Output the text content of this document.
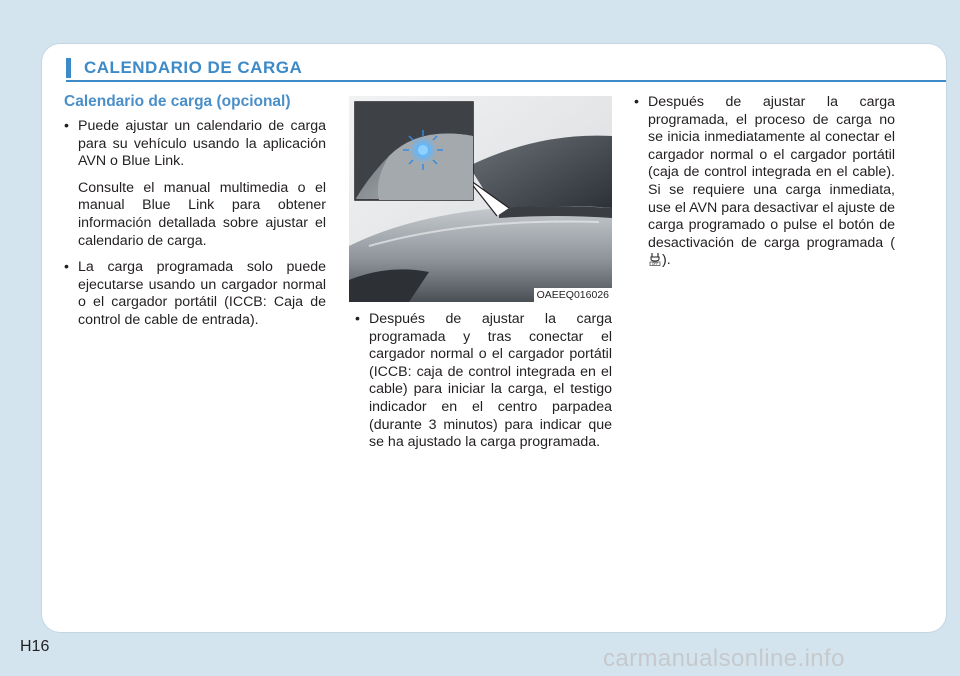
CALENDARIO DE CARGA
Calendario de carga (opcional)

• Puede ajustar un calendario de carga para su vehículo usando la aplicación AVN o Blue Link.

Consulte el manual multimedia o el manual Blue Link para obtener información detallada sobre ajustar el calendario de carga.

• La carga programada solo puede ejecutarse usando un cargador normal o el cargador portátil (ICCB: Caja de control de cable de entrada).

OAEEQ016026

• Después de ajustar la carga programada y tras conectar el cargador normal o el cargador portátil (ICCB: caja de control integrada en el cable) para iniciar la carga, el testigo indicador en el centro parpadea (durante 3 minutos) para indicar que se ha ajustado la carga programada.

• Después de ajustar la carga programada, el proceso de carga no se inicia inmediatamente al conectar el cargador normal o el cargador portátil (caja de control integrada en el cable). Si se requiere una carga inmediata, use el AVN para desactivar el ajuste de carga programado o pulse el botón de desactivación de carga programada (
OFF ).

H16	carmanualsonline.info
